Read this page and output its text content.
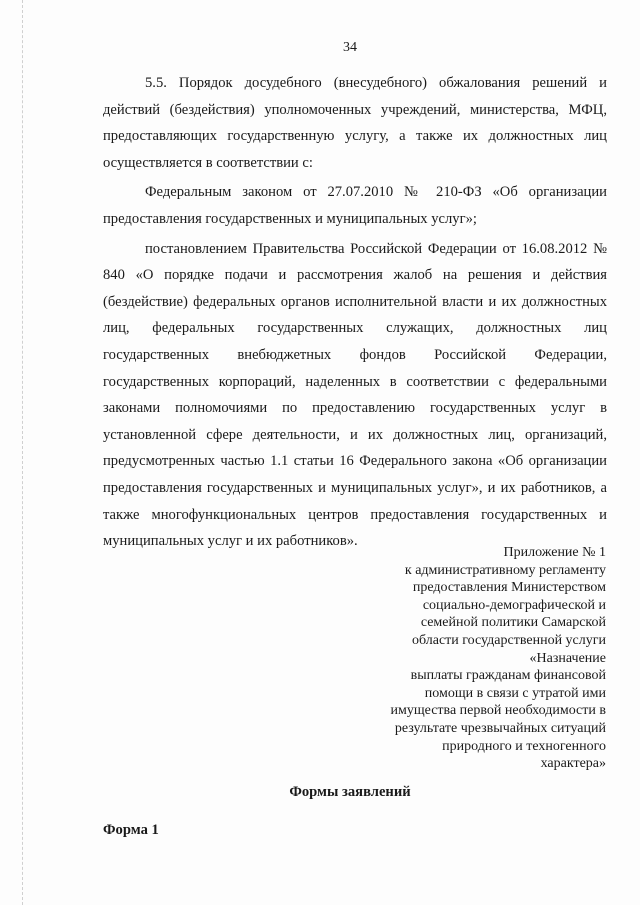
34

5.5. Порядок досудебного (внесудебного) обжалования решений и действий (бездействия) уполномоченных учреждений, министерства, МФЦ, предоставляющих государственную услугу, а также их должностных лиц осуществляется в соответствии с:

Федеральным законом от 27.07.2010 № 210-ФЗ «Об организации предоставления государственных и муниципальных услуг»;

постановлением Правительства Российской Федерации от 16.08.2012 № 840 «О порядке подачи и рассмотрения жалоб на решения и действия (бездействие) федеральных органов исполнительной власти и их должностных лиц, федеральных государственных служащих, должностных лиц государственных внебюджетных фондов Российской Федерации, государственных корпораций, наделенных в соответствии с федеральными законами полномочиями по предоставлению государственных услуг в установленной сфере деятельности, и их должностных лиц, организаций, предусмотренных частью 1.1 статьи 16 Федерального закона «Об организации предоставления государственных и муниципальных услуг», и их работников, а также многофункциональных центров предоставления государственных и муниципальных услуг и их работников».

Приложение № 1
к административному регламенту
предоставления Министерством
социально-демографической и
семейной политики Самарской
области государственной услуги
«Назначение
выплаты гражданам финансовой
помощи в связи с утратой ими
имущества первой необходимости в
результате чрезвычайных ситуаций
природного и техногенного
характера»
Формы заявлений
Форма 1
